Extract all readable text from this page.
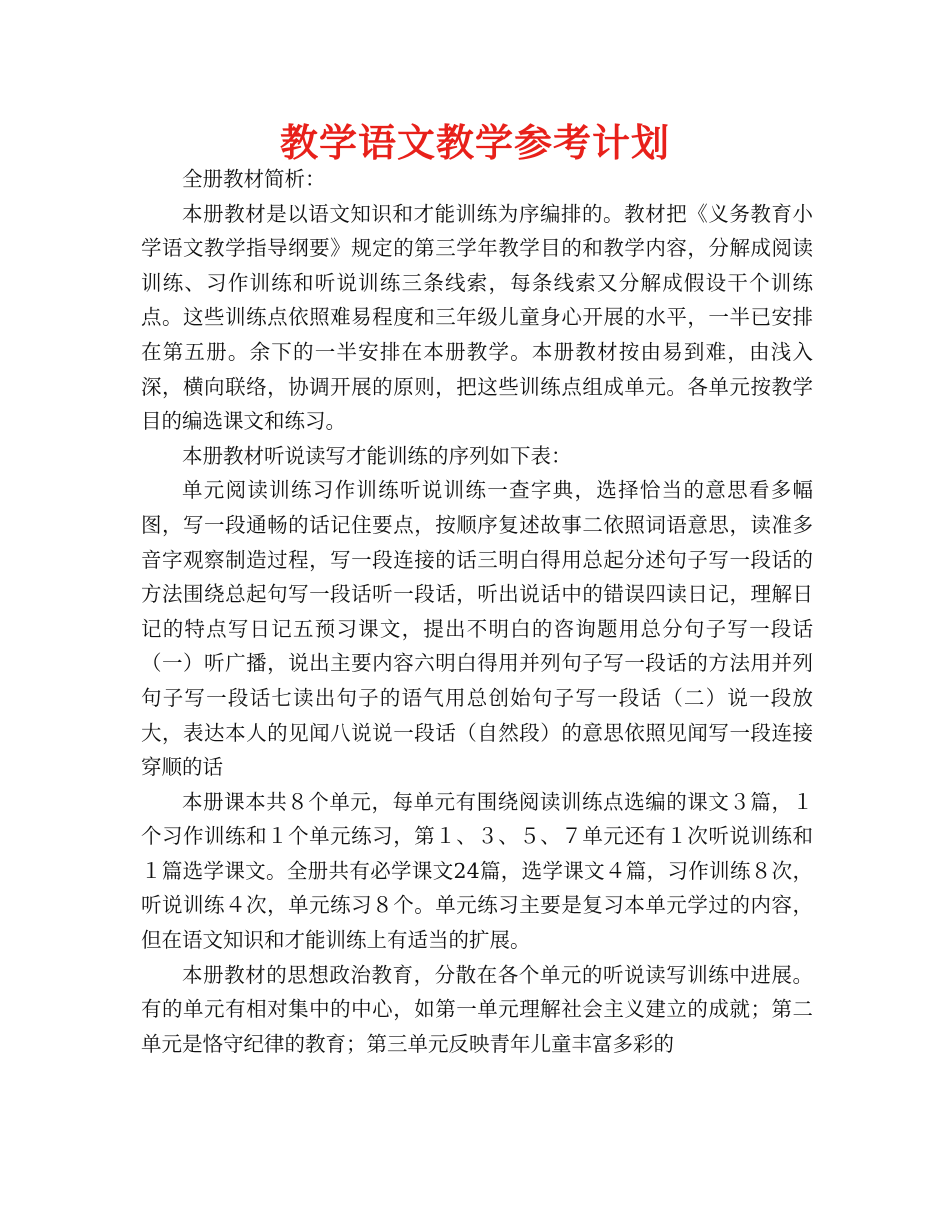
教学语文教学参考计划

全册教材简析：

本册教材是以语文知识和才能训练为序编排的。教材把《义务教育小学语文教学指导纲要》规定的第三学年教学目的和教学内容，分解成阅读训练、习作训练和听说训练三条线索，每条线索又分解成假设干个训练点。这些训练点依照难易程度和三年级儿童身心开展的水平，一半已安排在第五册。余下的一半安排在本册教学。本册教材按由易到难，由浅入深，横向联络，协调开展的原则，把这些训练点组成单元。各单元按教学目的编选课文和练习。

本册教材听说读写才能训练的序列如下表：

单元阅读训练习作训练听说训练一查字典，选择恰当的意思看多幅图，写一段通畅的话记住要点，按顺序复述故事二依照词语意思，读准多音字观察制造过程，写一段连接的话三明白得用总起分述句子写一段话的方法围绕总起句写一段话听一段话，听出说话中的错误四读日记，理解日记的特点写日记五预习课文，提出不明白的咨询题用总分句子写一段话（一）听广播，说出主要内容六明白得用并列句子写一段话的方法用并列句子写一段话七读出句子的语气用总创始句子写一段话（二）说一段放大，表达本人的见闻八说说一段话（自然段）的意思依照见闻写一段连接穿顺的话

本册课本共８个单元，每单元有围绕阅读训练点选编的课文３篇，１个习作训练和１个单元练习，第１、３、５、７单元还有１次听说训练和１篇选学课文。全册共有必学课文24篇，选学课文４篇，习作训练８次，听说训练４次，单元练习８个。单元练习主要是复习本单元学过的内容，但在语文知识和才能训练上有适当的扩展。

本册教材的思想政治教育，分散在各个单元的听说读写训练中进展。有的单元有相对集中的中心，如第一单元理解社会主义建立的成就；第二单元是恪守纪律的教育；第三单元反映青年儿童丰富多彩的
